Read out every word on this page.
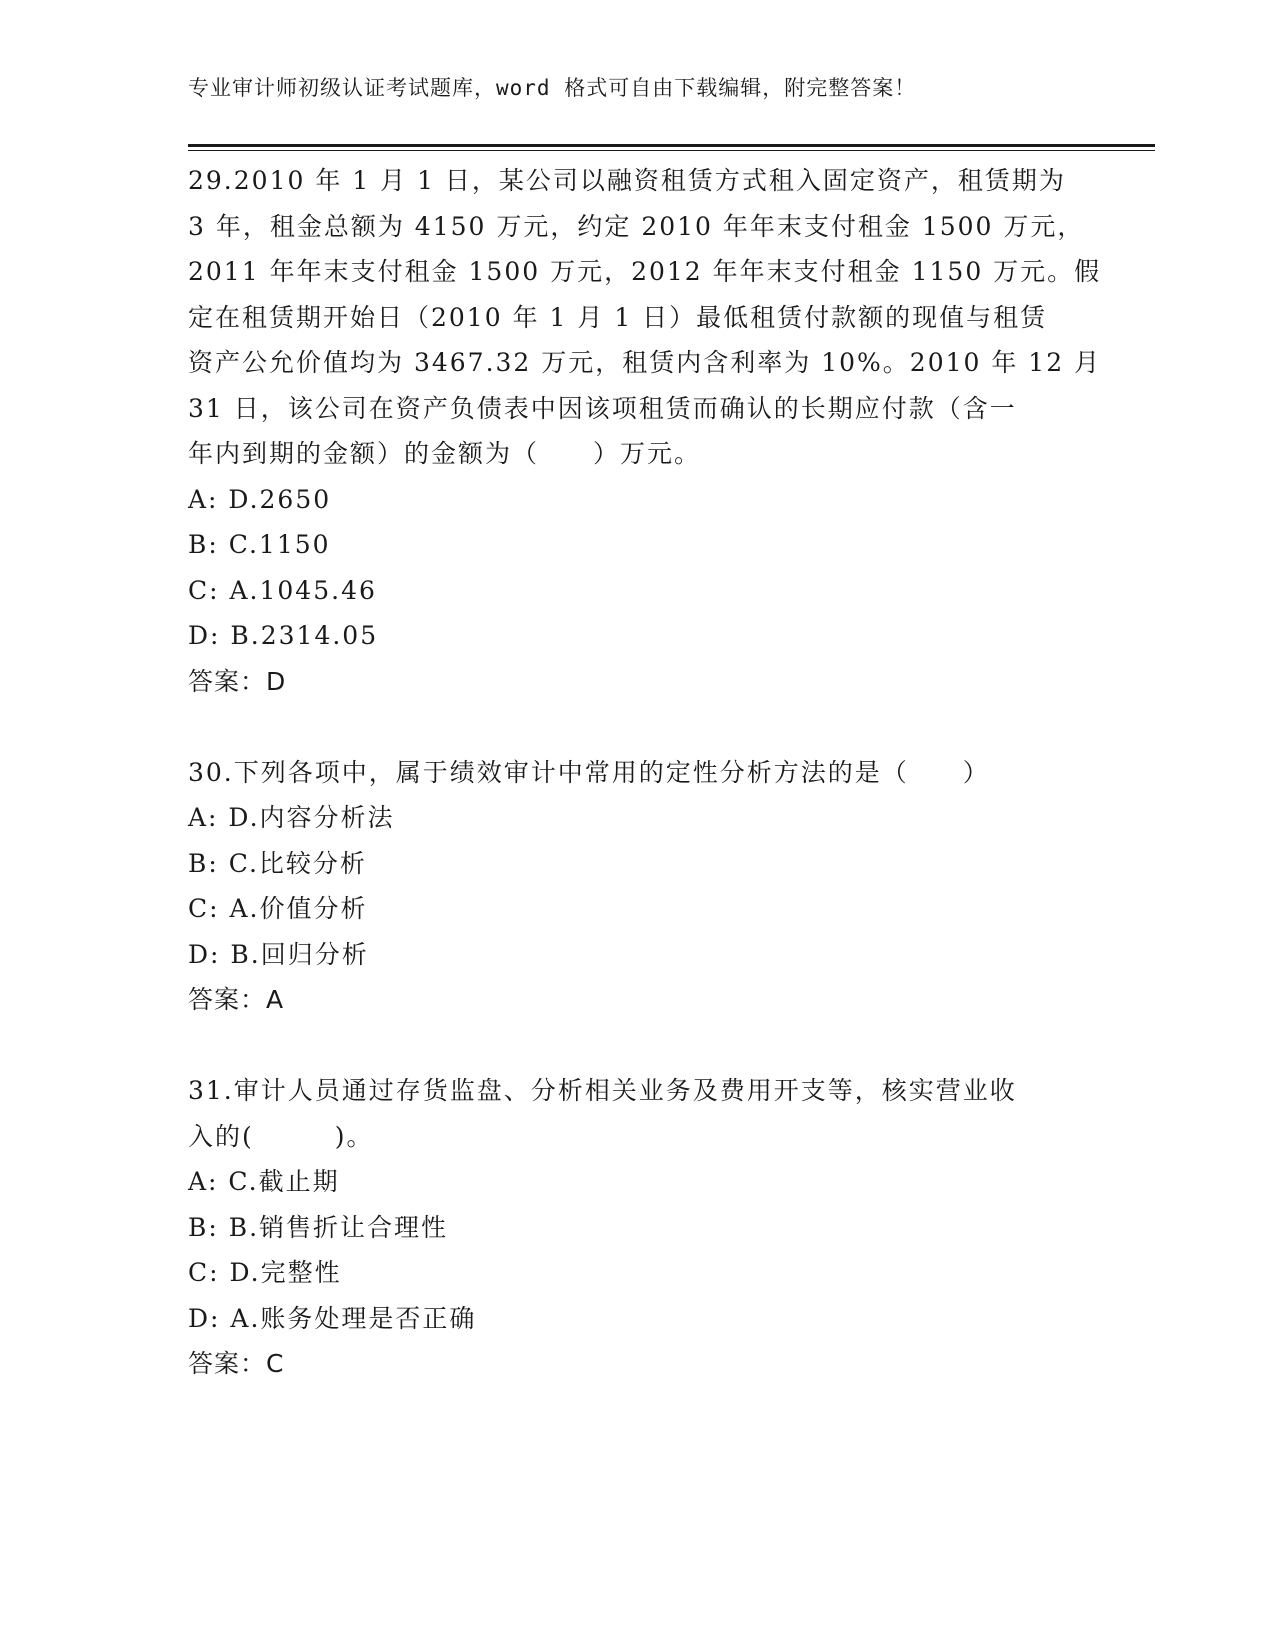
专业审计师初级认证考试题库，word 格式可自由下载编辑，附完整答案！
29.2010 年 1 月 1 日，某公司以融资租赁方式租入固定资产，租赁期为
3 年，租金总额为 4150 万元，约定 2010 年年末支付租金 1500 万元，
2011 年年末支付租金 1500 万元，2012 年年末支付租金 1150 万元。假
定在租赁期开始日（2010 年 1 月 1 日）最低租赁付款额的现值与租赁
资产公允价值均为 3467.32 万元，租赁内含利率为 10%。2010 年 12 月
31 日，该公司在资产负债表中因该项租赁而确认的长期应付款（含一
年内到期的金额）的金额为（　　）万元。
A: D.2650
B: C.1150
C: A.1045.46
D: B.2314.05
答案：D
30.下列各项中，属于绩效审计中常用的定性分析方法的是（　　）
A: D.内容分析法
B: C.比较分析
C: A.价值分析
D: B.回归分析
答案：A
31.审计人员通过存货监盘、分析相关业务及费用开支等，核实营业收
入的(　　　)。
A: C.截止期
B: B.销售折让合理性
C: D.完整性
D: A.账务处理是否正确
答案：C
